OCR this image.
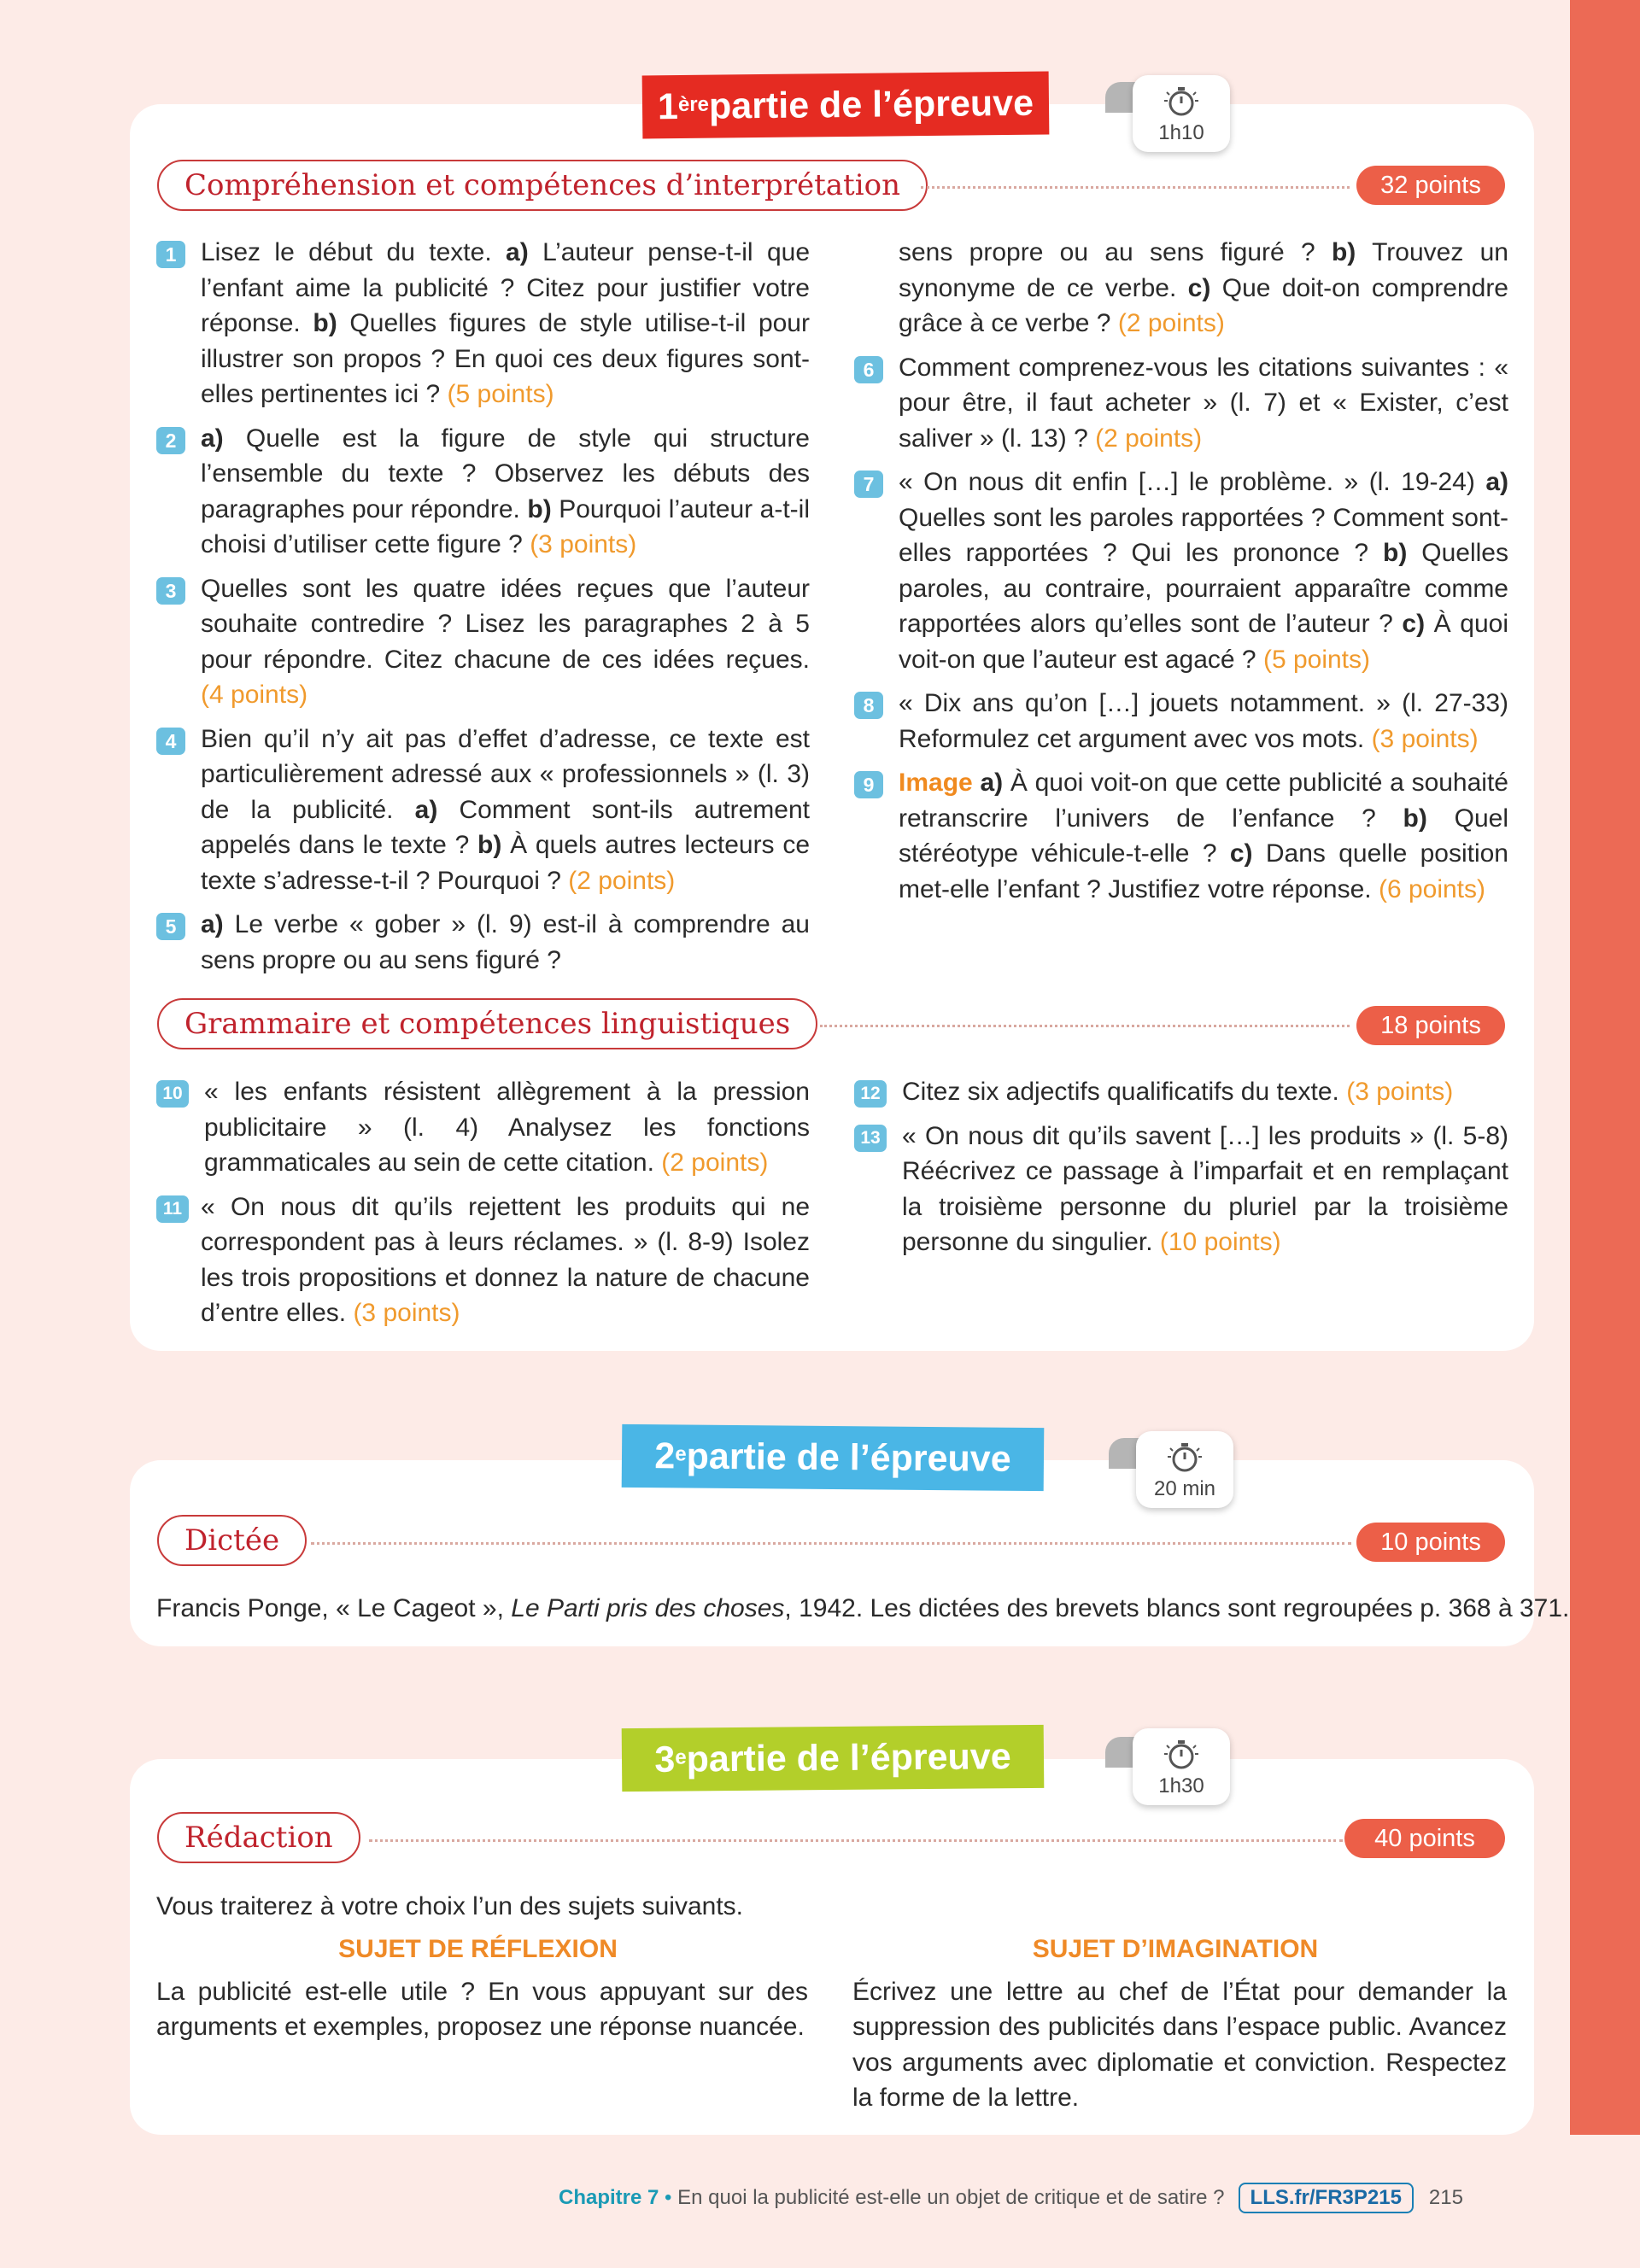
1ère partie de l’épreuve
1h10
Compréhension et compétences d’interprétation	32 points
1 Lisez le début du texte. a) L’auteur pense-t-il que l’enfant aime la publicité ? Citez pour justifier votre réponse. b) Quelles figures de style utilise-t-il pour illustrer son propos ? En quoi ces deux figures sont-elles pertinentes ici ? (5 points)
2 a) Quelle est la figure de style qui structure l’ensemble du texte ? Observez les débuts des paragraphes pour répondre. b) Pourquoi l’auteur a-t-il choisi d’utiliser cette figure ? (3 points)
3 Quelles sont les quatre idées reçues que l’auteur souhaite contredire ? Lisez les paragraphes 2 à 5 pour répondre. Citez chacune de ces idées reçues. (4 points)
4 Bien qu’il n’y ait pas d’effet d’adresse, ce texte est particulièrement adressé aux « professionnels » (l. 3) de la publicité. a) Comment sont-ils autrement appelés dans le texte ? b) À quels autres lecteurs ce texte s’adresse-t-il ? Pourquoi ? (2 points)
5 a) Le verbe « gober » (l. 9) est-il à comprendre au sens propre ou au sens figuré ?
sens propre ou au sens figuré ? b) Trouvez un synonyme de ce verbe. c) Que doit-on comprendre grâce à ce verbe ? (2 points)
6 Comment comprenez-vous les citations suivantes : « pour être, il faut acheter » (l. 7) et « Exister, c’est saliver » (l. 13) ? (2 points)
7 « On nous dit enfin […] le problème. » (l. 19-24) a) Quelles sont les paroles rapportées ? Comment sont-elles rapportées ? Qui les prononce ? b) Quelles paroles, au contraire, pourraient apparaître comme rapportées alors qu’elles sont de l’auteur ? c) À quoi voit-on que l’auteur est agacé ? (5 points)
8 « Dix ans qu’on […] jouets notamment. » (l. 27-33) Reformulez cet argument avec vos mots. (3 points)
9 Image a) À quoi voit-on que cette publicité a souhaité retranscrire l’univers de l’enfance ? b) Quel stéréotype véhicule-t-elle ? c) Dans quelle position met-elle l’enfant ? Justifiez votre réponse. (6 points)
Grammaire et compétences linguistiques	18 points
10 « les enfants résistent allègrement à la pression publicitaire » (l. 4) Analysez les fonctions grammaticales au sein de cette citation. (2 points)
11 « On nous dit qu’ils rejettent les produits qui ne correspondent pas à leurs réclames. » (l. 8-9) Isolez les trois propositions et donnez la nature de chacune d’entre elles. (3 points)
12 Citez six adjectifs qualificatifs du texte. (3 points)
13 « On nous dit qu’ils savent […] les produits » (l. 5-8) Réécrivez ce passage à l’imparfait et en remplaçant la troisième personne du pluriel par la troisième personne du singulier. (10 points)
2e partie de l’épreuve
20 min
Dictée	10 points
Francis Ponge, « Le Cageot », Le Parti pris des choses, 1942. Les dictées des brevets blancs sont regroupées p. 368 à 371.
3e partie de l’épreuve
1h30
Rédaction	40 points
Vous traiterez à votre choix l’un des sujets suivants.
SUJET DE RÉFLEXION
La publicité est-elle utile ? En vous appuyant sur des arguments et exemples, proposez une réponse nuancée.
SUJET D’IMAGINATION
Écrivez une lettre au chef de l’État pour demander la suppression des publicités dans l’espace public. Avancez vos arguments avec diplomatie et conviction. Respectez la forme de la lettre.
Chapitre 7 • En quoi la publicité est-elle un objet de critique et de satire ?	LLS.fr/FR3P215	215
